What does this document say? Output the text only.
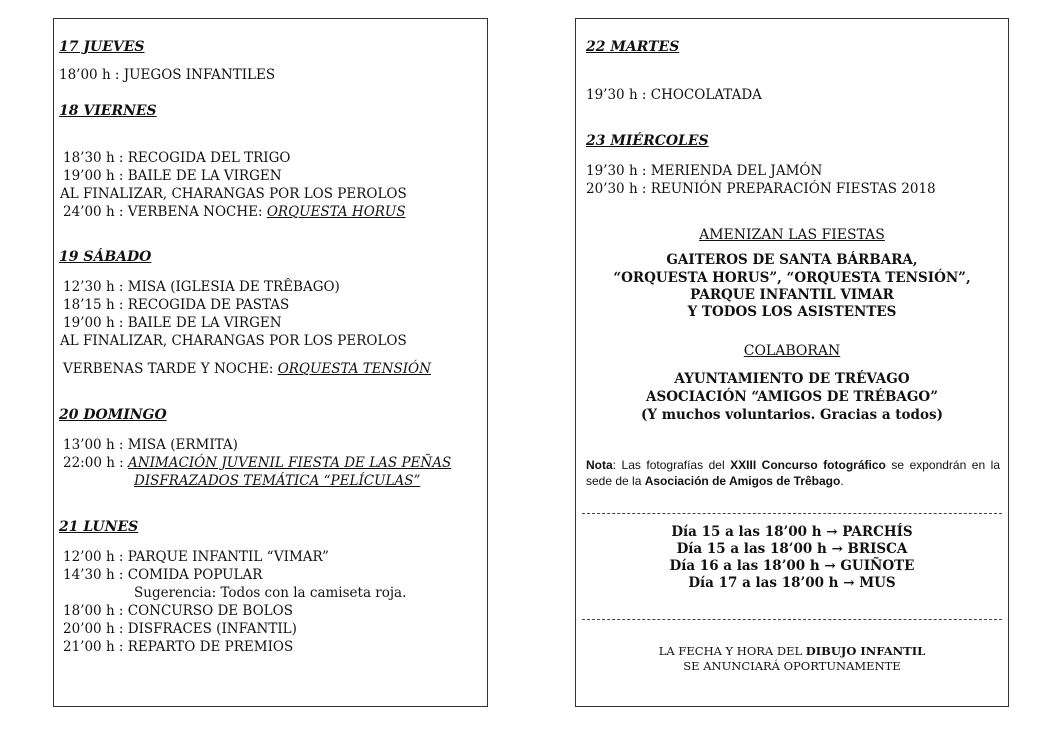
17 JUEVES
18’00 h : JUEGOS INFANTILES
18 VIERNES
18’30 h : RECOGIDA DEL TRIGO
19’00 h : BAILE DE LA VIRGEN
AL FINALIZAR, CHARANGAS POR LOS PEROLOS
24’00 h : VERBENA NOCHE: ORQUESTA HORUS
19 SÁBADO
12’30 h : MISA (IGLESIA DE TRÊBAGO)
18’15 h : RECOGIDA DE PASTAS
19’00 h : BAILE DE LA VIRGEN
AL FINALIZAR, CHARANGAS POR LOS PEROLOS
VERBENAS TARDE Y NOCHE: ORQUESTA TENSIÓN
20 DOMINGO
13’00 h : MISA (ERMITA)
22:00 h : ANIMACIÓN JUVENIL FIESTA DE LAS PEÑAS
DISFRAZADOS TEMÁTICA “PELÍCULAS”
21 LUNES
12’00 h : PARQUE INFANTIL “VIMAR”
14’30 h : COMIDA POPULAR
Sugerencia: Todos con la camiseta roja.
18’00 h : CONCURSO DE BOLOS
20’00 h : DISFRACES (INFANTIL)
21’00 h : REPARTO DE PREMIOS
22 MARTES
19’30 h : CHOCOLATADA
23 MIÉRCOLES
19’30 h : MERIENDA DEL JAMÓN
20’30 h : REUNIÓN PREPARACIÓN FIESTAS 2018
AMENIZAN LAS FIESTAS
GAITEROS DE SANTA BÁRBARA,
“ORQUESTA HORUS”, “ORQUESTA TENSIÓN”,
PARQUE INFANTIL VIMAR
Y TODOS LOS ASISTENTES
COLABORAN
AYUNTAMIENTO DE TRÉVAGO
ASOCIACIÓN “AMIGOS DE TRÉBAGO”
(Y muchos voluntarios. Gracias a todos)
Nota: Las fotografías del XXIII Concurso fotográfico se expondrán en la sede de la Asociación de Amigos de Trêbago.
Día 15 a las 18’00 h → PARCHÍS
Día 15 a las 18’00 h → BRISCA
Día 16 a las 18’00 h → GUIÑOTE
Día 17 a las 18’00 h → MUS
LA FECHA Y HORA DEL DIBUJO INFANTIL
SE ANUNCIARÁ OPORTUNAMENTE
